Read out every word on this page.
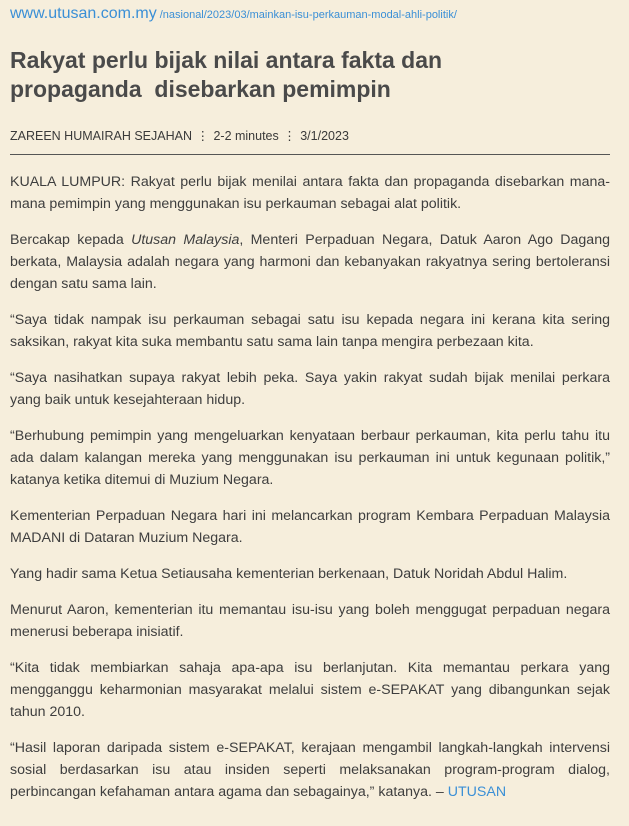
www.utusan.com.my /nasional/2023/03/mainkan-isu-perkauman-modal-ahli-politik/
Rakyat perlu bijak nilai antara fakta dan
propaganda  disebarkan pemimpin
ZAREEN HUMAIRAH SEJAHAN ⋮ 2-2 minutes ⋮ 3/1/2023

KUALA LUMPUR: Rakyat perlu bijak menilai antara fakta dan propaganda disebarkan mana-mana pemimpin yang menggunakan isu perkauman sebagai alat politik.

Bercakap kepada Utusan Malaysia, Menteri Perpaduan Negara, Datuk Aaron Ago Dagang berkata, Malaysia adalah negara yang harmoni dan kebanyakan rakyatnya sering bertoleransi dengan satu sama lain.

“Saya tidak nampak isu perkauman sebagai satu isu kepada negara ini kerana kita sering saksikan, rakyat kita suka membantu satu sama lain tanpa mengira perbezaan kita.

“Saya nasihatkan supaya rakyat lebih peka. Saya yakin rakyat sudah bijak menilai perkara yang baik untuk kesejahteraan hidup.

“Berhubung pemimpin yang mengeluarkan kenyataan berbaur perkauman, kita perlu tahu itu ada dalam kalangan mereka yang menggunakan isu perkauman ini untuk kegunaan politik,” katanya ketika ditemui di Muzium Negara.

Kementerian Perpaduan Negara hari ini melancarkan program Kembara Perpaduan Malaysia MADANI di Dataran Muzium Negara.

Yang hadir sama Ketua Setiausaha kementerian berkenaan, Datuk Noridah Abdul Halim.

Menurut Aaron, kementerian itu memantau isu-isu yang boleh menggugat perpaduan negara menerusi beberapa inisiatif.

“Kita tidak membiarkan sahaja apa-apa isu berlanjutan. Kita memantau perkara yang mengganggu keharmonian masyarakat melalui sistem e-SEPAKAT yang dibangunkan sejak tahun 2010.

“Hasil laporan daripada sistem e-SEPAKAT, kerajaan mengambil langkah-langkah intervensi sosial berdasarkan isu atau insiden seperti melaksanakan program-program dialog, perbincangan kefahaman antara agama dan sebagainya,” katanya. – UTUSAN
